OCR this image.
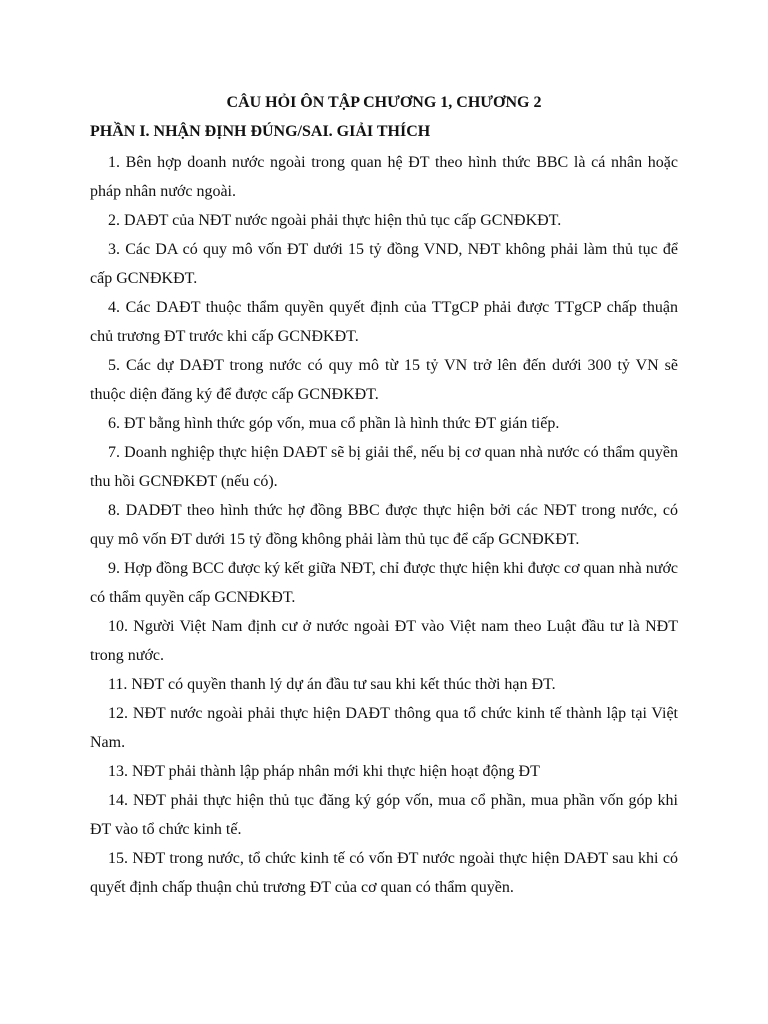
CÂU HỎI ÔN TẬP CHƯƠNG 1, CHƯƠNG 2

PHẦN I. NHẬN ĐỊNH ĐÚNG/SAI. GIẢI THÍCH

1. Bên hợp doanh nước ngoài trong quan hệ ĐT theo hình thức BBC là cá nhân hoặc pháp nhân nước ngoài.

2. DAĐT của NĐT nước ngoài phải thực hiện thủ tục cấp GCNĐKĐT.

3. Các DA có quy mô vốn ĐT dưới 15 tỷ đồng VND, NĐT không phải làm thủ tục để cấp GCNĐKĐT.

4. Các DAĐT thuộc thẩm quyền quyết định của TTgCP phải được TTgCP chấp thuận chủ trương ĐT trước khi cấp GCNĐKĐT.

5. Các dự DAĐT trong nước có quy mô từ 15 tỷ VN trở lên đến dưới 300 tỷ VN sẽ thuộc diện đăng ký để được cấp GCNĐKĐT.

6. ĐT bằng hình thức góp vốn, mua cổ phần là hình thức ĐT gián tiếp.

7. Doanh nghiệp thực hiện DAĐT sẽ bị giải thể, nếu bị cơ quan nhà nước có thẩm quyền thu hồi GCNĐKĐT (nếu có).

8. DADĐT theo hình thức hợ đồng BBC được thực hiện bởi các NĐT trong nước, có quy mô vốn ĐT dưới 15 tỷ đồng không phải làm thủ tục để cấp GCNĐKĐT.

9. Hợp đồng BCC được ký kết giữa NĐT, chỉ được thực hiện khi được cơ quan nhà nước có thẩm quyền cấp GCNĐKĐT.

10. Người Việt Nam định cư ở nước ngoài ĐT vào Việt nam theo Luật đầu tư là NĐT trong nước.

11. NĐT có quyền thanh lý dự án đầu tư sau khi kết thúc thời hạn ĐT.

12. NĐT nước ngoài phải thực hiện DAĐT thông qua tổ chức kinh tế thành lập tại Việt Nam.

13. NĐT phải thành lập pháp nhân mới khi thực hiện hoạt động ĐT

14. NĐT phải thực hiện thủ tục đăng ký góp vốn, mua cổ phần, mua phần vốn góp khi ĐT vào tổ chức kinh tế.

15. NĐT trong nước, tổ chức kinh tế có vốn ĐT nước ngoài thực hiện DAĐT sau khi có quyết định chấp thuận chủ trương ĐT của cơ quan có thẩm quyền.
